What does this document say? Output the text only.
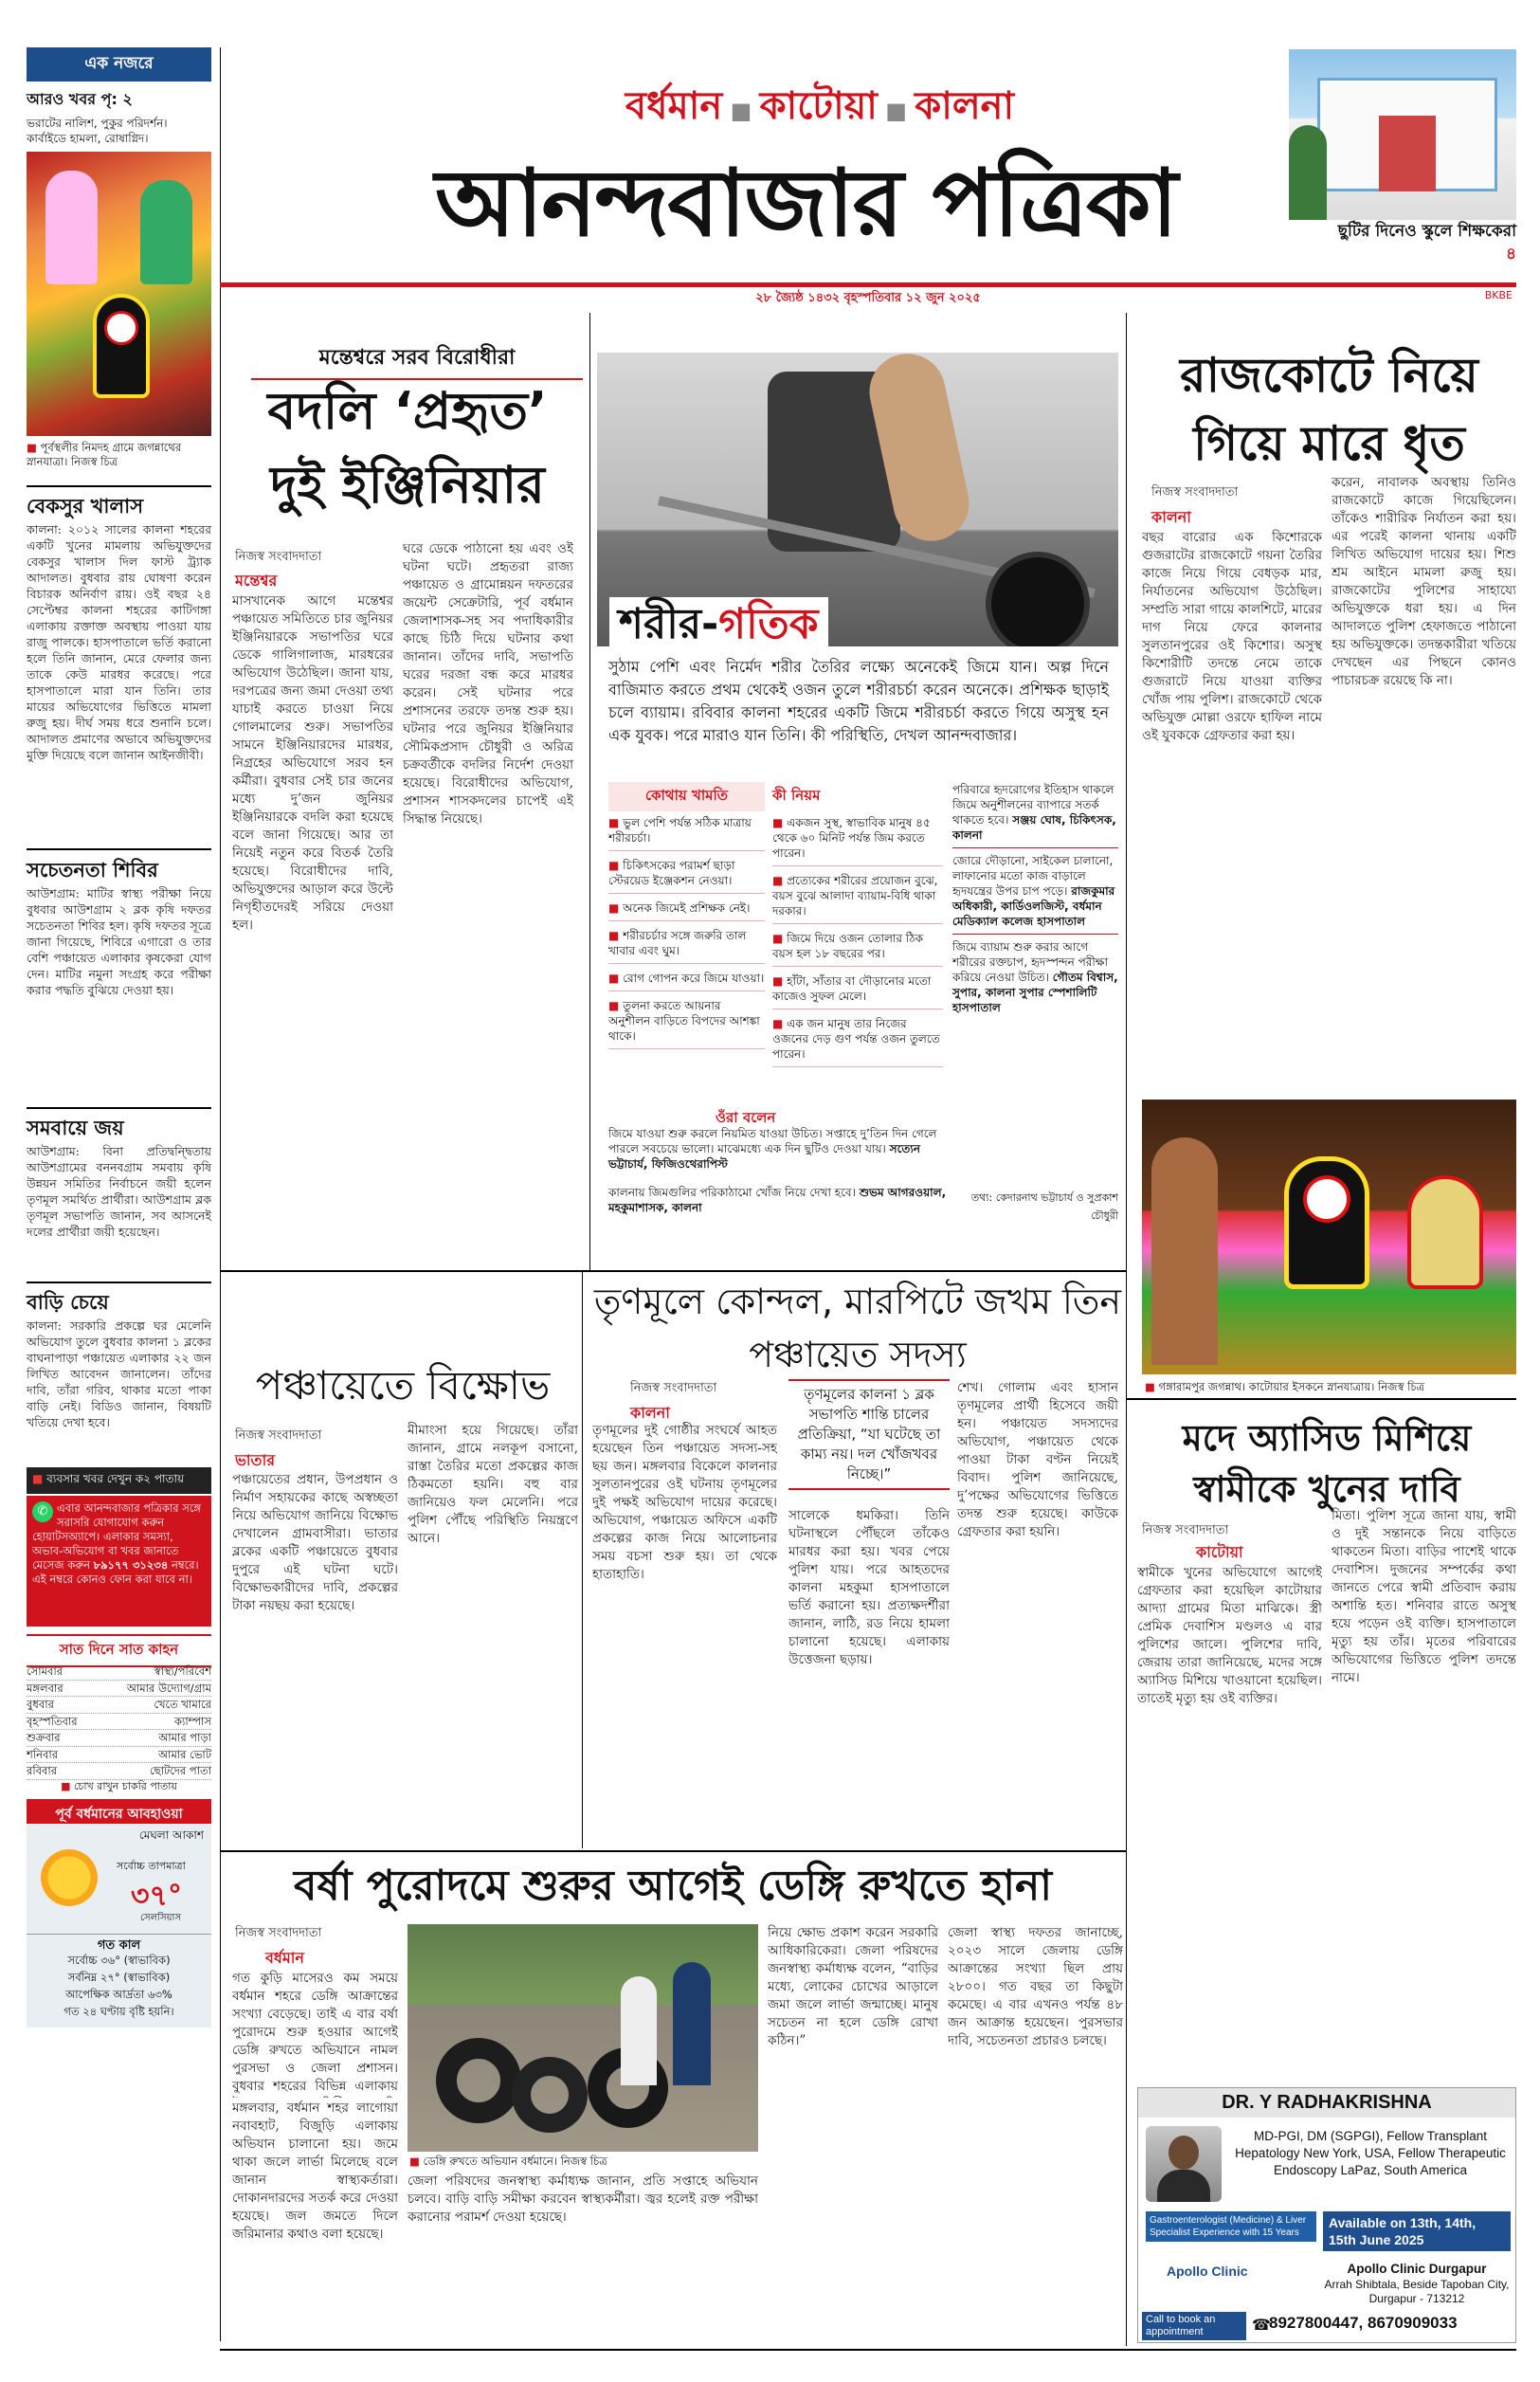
এক নজরে
আরও খবর পৃ: ২
ভরাটের নালিশ, পুকুর পরিদর্শন।
কার্বাইডে হামলা, রোষাগ্নিদ।
■ পূর্বস্থলীর নিমদহ গ্রামে জগন্নাথের স্নানযাত্রা। নিজস্ব চিত্র
বেকসুর খালাস
কালনা: ২০১২ সালের কালনা শহরের একটি খুনের মামলায় অভিযুক্তদের বেকসুর খালাস দিল ফাস্ট ট্র্যাক আদালত। বুধবার রায় ঘোষণা করেন বিচারক অনির্বাণ রায়। ওই বছর ২৪ সেপ্টেম্বর কালনা শহরের কাটিগঙ্গা এলাকায় রক্তাক্ত অবস্থায় পাওয়া যায় রাজু পালকে। হাসপাতালে ভর্তি করানো হলে তিনি জানান, মেরে ফেলার জন্য তাকে কেউ মারধর করেছে। পরে হাসপাতালে মারা যান তিনি। তার মায়ের অভিযোগের ভিত্তিতে মামলা রুজু হয়। দীর্ঘ সময় ধরে শুনানি চলে। আদালত প্রমাণের অভাবে অভিযুক্তদের মুক্তি দিয়েছে বলে জানান আইনজীবী।
সচেতনতা শিবির
আউশগ্রাম: মাটির স্বাস্থ্য পরীক্ষা নিয়ে বুধবার আউশগ্রাম ২ ব্লক কৃষি দফতর সচেতনতা শিবির হল। কৃষি দফতর সূত্রে জানা গিয়েছে, শিবিরে এগারো ও তার বেশি পঞ্চায়েত এলাকার কৃষকেরা যোগ দেন। মাটির নমুনা সংগ্রহ করে পরীক্ষা করার পদ্ধতি বুঝিয়ে দেওয়া হয়।
সমবায়ে জয়
আউশগ্রাম: বিনা প্রতিদ্বন্দ্বিতায় আউশগ্রামের বননবগ্রাম সমবায় কৃষি উন্নয়ন সমিতির নির্বাচনে জয়ী হলেন তৃণমূল সমর্থিত প্রার্থীরা। আউশগ্রাম ব্লক তৃণমূল সভাপতি জানান, সব আসনেই দলের প্রার্থীরা জয়ী হয়েছেন।
বাড়ি চেয়ে
কালনা: সরকারি প্রকল্পে ঘর মেলেনি অভিযোগ তুলে বুধবার কালনা ১ ব্লকের বাঘনাপাড়া পঞ্চায়েত এলাকার ২২ জন লিখিত আবেদন জানালেন। তাঁদের দাবি, তাঁরা গরিব, থাকার মতো পাকা বাড়ি নেই। বিডিও জানান, বিষয়টি খতিয়ে দেখা হবে।
■ ব্যবসার খবর দেখুন ক২ পাতায়
✆ এবার আনন্দবাজার পত্রিকার সঙ্গে সরাসরি যোগাযোগ করুন হোয়াটসঅ্যাপে। এলাকার সমস্যা, অভাব-অভিযোগ বা খবর জানাতে মেসেজ করুন ৮৯১৭৭ ৩১২৩৪ নম্বরে। এই নম্বরে কোনও ফোন করা যাবে না।
সাত দিনে সাত কাহন
সোমবার	স্বাস্থ্য/পরিবেশ
মঙ্গলবার	আমার উদ্যোগ/গ্রাম
বুধবার	খেতে খামারে
বৃহস্পতিবার	ক্যাম্পাস
শুক্রবার	আমার পাড়া
শনিবার	আমার ভোট
রবিবার	ছোটদের পাতা
■ চোখ রাখুন চাকরি পাতায়
পূর্ব বর্ধমানের আবহাওয়া
মেঘলা আকাশ
সর্বোচ্চ তাপমাত্রা
৩৭°
সেলসিয়াস
গত কাল
সর্বোচ্চ ৩৬° (স্বাভাবিক)
সর্বনিম্ন ২৭° (স্বাভাবিক)
আপেক্ষিক আর্দ্রতা ৬৩%
গত ২৪ ঘণ্টায় বৃষ্টি হয়নি।
বর্ধমান ■ কাটোয়া ■ কালনা
আনন্দবাজার পত্রিকা	ছুটির দিনেও স্কুলে শিক্ষকেরা ৪
২৮ জ্যৈষ্ঠ ১৪৩২ বৃহস্পতিবার ১২ জুন ২০২৫	BKBE
মন্তেশ্বরে সরব বিরোধীরা
বদলি ‘প্রহৃত’ দুই ইঞ্জিনিয়ার
নিজস্ব সংবাদদাতা
মন্তেশ্বর
মাসখানেক আগে মন্তেশ্বর পঞ্চায়েত সমিতিতে চার জুনিয়র ইঞ্জিনিয়ারকে সভাপতির ঘরে ডেকে গালিগালাজ, মারধরের অভিযোগ উঠেছিল। জানা যায়, দরপত্রের জন্য জমা দেওয়া তথ্য যাচাই করতে চাওয়া নিয়ে গোলমালের শুরু। সভাপতির সামনে ইঞ্জিনিয়ারদের মারধর, নিগ্রহের অভিযোগে সরব হন কর্মীরা। বুধবার সেই চার জনের মধ্যে দু’জন জুনিয়র ইঞ্জিনিয়ারকে বদলি করা হয়েছে বলে জানা গিয়েছে। আর তা নিয়েই নতুন করে বিতর্ক তৈরি হয়েছে। বিরোধীদের দাবি, অভিযুক্তদের আড়াল করে উল্টে নিগৃহীতদেরই সরিয়ে দেওয়া হল।
ঘরে ডেকে পাঠানো হয় এবং ওই ঘটনা ঘটে। প্রহৃতরা রাজ্য পঞ্চায়েত ও গ্রামোন্নয়ন দফতরের জয়েন্ট সেক্রেটারি, পূর্ব বর্ধমান জেলাশাসক-সহ সব পদাধিকারীর কাছে চিঠি দিয়ে ঘটনার কথা জানান। তাঁদের দাবি, সভাপতি ঘরের দরজা বন্ধ করে মারধর করেন। সেই ঘটনার পরে প্রশাসনের তরফে তদন্ত শুরু হয়। ঘটনার পরে জুনিয়র ইঞ্জিনিয়ার সৌমিকপ্রসাদ চৌধুরী ও অরিত্র চক্রবর্তীকে বদলির নির্দেশ দেওয়া হয়েছে। বিরোধীদের অভিযোগ, প্রশাসন শাসকদলের চাপেই এই সিদ্ধান্ত নিয়েছে।
শরীর-গতিক
সুঠাম পেশি এবং নির্মেদ শরীর তৈরির লক্ষ্যে অনেকেই জিমে যান। অল্প দিনে বাজিমাত করতে প্রথম থেকেই ওজন তুলে শরীরচর্চা করেন অনেকে। প্রশিক্ষক ছাড়াই চলে ব্যায়াম। রবিবার কালনা শহরের একটি জিমে শরীরচর্চা করতে গিয়ে অসুস্থ হন এক যুবক। পরে মারাও যান তিনি। কী পরিস্থিতি, দেখল আনন্দবাজার।
কোথায় খামতি
■ ভুল পেশি পর্যন্ত সঠিক মাত্রায় শরীরচর্চা।
■ চিকিৎসকের পরামর্শ ছাড়া স্টেরয়েড ইঞ্জেকশন নেওয়া।
■ অনেক জিমেই প্রশিক্ষক নেই।
■ শরীরচর্চার সঙ্গে জরুরি তাল খাবার এবং ঘুম।
■ রোগ গোপন করে জিমে যাওয়া।
■ তুলনা করতে আয়নার অনুশীলন বাড়িতে বিপদের আশঙ্কা থাকে।
কী নিয়ম
■ একজন সুস্থ, স্বাভাবিক মানুষ ৪৫ থেকে ৬০ মিনিট পর্যন্ত জিম করতে পারেন।
■ প্রত্যেকের শরীরের প্রয়োজন বুঝে, বয়স বুঝে আলাদা ব্যায়াম-বিধি থাকা দরকার।
■ জিমে দিয়ে ওজন তোলার ঠিক বয়স হল ১৮ বছরের পর।
■ হাঁটা, সাঁতার বা দৌড়ানোর মতো কাজেও সুফল মেলে।
■ এক জন মানুষ তার নিজের ওজনের দেড় গুণ পর্যন্ত ওজন তুলতে পারেন।
পরিবারে হৃদরোগের ইতিহাস থাকলে জিমে অনুশীলনের ব্যাপারে সতর্ক থাকতে হবে। সঞ্জয় ঘোষ, চিকিৎসক, কালনা
জোরে দৌড়ানো, সাইকেল চালানো, লাফানোর মতো কাজ বাড়ালে হৃদযন্ত্রের উপর চাপ পড়ে। রাজকুমার অধিকারী, কার্ডিওলজিস্ট, বর্ধমান মেডিক্যাল কলেজ হাসপাতাল
জিমে ব্যায়াম শুরু করার আগে শরীরের রক্তচাপ, হৃদস্পন্দন পরীক্ষা করিয়ে নেওয়া উচিত। গৌতম বিশ্বাস, সুপার, কালনা সুপার স্পেশালিটি হাসপাতাল
ওঁরা বলেন
জিমে যাওয়া শুরু করলে নিয়মিত যাওয়া উচিত। সপ্তাহে দু’তিন দিন গেলে পারলে সবচেয়ে ভালো। মাঝেমধ্যে এক দিন ছুটিও দেওয়া যায়। সত্যেন ভট্টাচার্য, ফিজিওথেরাপিস্ট
কালনায় জিমগুলির পরিকাঠামো খোঁজ নিয়ে দেখা হবে। শুভম আগরওয়াল, মহকুমাশাসক, কালনা
তথ্য: কেদারনাথ ভট্টাচার্য ও সুপ্রকাশ চৌধুরী
রাজকোটে নিয়ে গিয়ে মারে ধৃত
নিজস্ব সংবাদদাতা
কালনা
বছর বারোর এক কিশোরকে গুজরাটের রাজকোটে গয়না তৈরির কাজে নিয়ে গিয়ে বেধড়ক মার, নির্যাতনের অভিযোগ উঠেছিল। সম্প্রতি সারা গায়ে কালশিটে, মারের দাগ নিয়ে ফেরে কালনার সুলতানপুরের ওই কিশোর। অসুস্থ কিশোরীটি তদন্তে নেমে তাকে গুজরাটে নিয়ে যাওয়া ব্যক্তির খোঁজ পায় পুলিশ। রাজকোটে থেকে অভিযুক্ত মোল্লা ওরফে হাফিল নামে ওই যুবককে গ্রেফতার করা হয়।
করেন, নাবালক অবস্থায় তিনিও রাজকোটে কাজে গিয়েছিলেন। তাঁকেও শারীরিক নির্যাতন করা হয়। এর পরেই কালনা থানায় একটি লিখিত অভিযোগ দায়ের হয়। শিশু শ্রম আইনে মামলা রুজু হয়। রাজকোটের পুলিশের সাহায্যে অভিযুক্তকে ধরা হয়। এ দিন আদালতে পুলিশ হেফাজতে পাঠানো হয় অভিযুক্তকে। তদন্তকারীরা খতিয়ে দেখছেন এর পিছনে কোনও পাচারচক্র রয়েছে কি না।
■ গঙ্গারামপুর জগন্নাথ। কাটোয়ার ইসকনে স্নানযাত্রায়। নিজস্ব চিত্র
তৃণমূলে কোন্দল, মারপিটে জখম তিন পঞ্চায়েত সদস্য
নিজস্ব সংবাদদাতা
কালনা
তৃণমূলের কালনা ১ ব্লক সভাপতি শান্তি চালের প্রতিক্রিয়া, “যা ঘটেছে তা কাম্য নয়। দল খোঁজখবর নিচ্ছে।”
তৃণমূলের দুই গোষ্ঠীর সংঘর্ষে আহত হয়েছেন তিন পঞ্চায়েত সদস্য-সহ ছয় জন। মঙ্গলবার বিকেলে কালনার সুলতানপুরের ওই ঘটনায় তৃণমূলের দুই পক্ষই অভিযোগ দায়ের করেছে। অভিযোগ, পঞ্চায়েত অফিসে একটি প্রকল্পের কাজ নিয়ে আলোচনার সময় বচসা শুরু হয়। তা থেকে হাতাহাতি।
সালেকে ধমকিরা। তিনি ঘটনাস্থলে পৌঁছলে তাঁকেও মারধর করা হয়। খবর পেয়ে পুলিশ যায়। পরে আহতদের কালনা মহকুমা হাসপাতালে ভর্তি করানো হয়। প্রত্যক্ষদর্শীরা জানান, লাঠি, রড নিয়ে হামলা চালানো হয়েছে। এলাকায় উত্তেজনা ছড়ায়।
শেখ। গোলাম এবং হাসান তৃণমূলের প্রার্থী হিসেবে জয়ী হন। পঞ্চায়েত সদস্যদের অভিযোগ, পঞ্চায়েত থেকে পাওয়া টাকা বণ্টন নিয়েই বিবাদ। পুলিশ জানিয়েছে, দু’পক্ষের অভিযোগের ভিত্তিতে তদন্ত শুরু হয়েছে। কাউকে গ্রেফতার করা হয়নি।
পঞ্চায়েতে বিক্ষোভ
নিজস্ব সংবাদদাতা
ভাতার
পঞ্চায়েতের প্রধান, উপপ্রধান ও নির্মাণ সহায়কের কাছে অস্বচ্ছতা নিয়ে অভিযোগ জানিয়ে বিক্ষোভ দেখালেন গ্রামবাসীরা। ভাতার ব্লকের একটি পঞ্চায়েতে বুধবার দুপুরে এই ঘটনা ঘটে। বিক্ষোভকারীদের দাবি, প্রকল্পের টাকা নয়ছয় করা হয়েছে।
মীমাংসা হয়ে গিয়েছে। তাঁরা জানান, গ্রামে নলকূপ বসানো, রাস্তা তৈরির মতো প্রকল্পের কাজ ঠিকমতো হয়নি। বহু বার জানিয়েও ফল মেলেনি। পরে পুলিশ পৌঁছে পরিস্থিতি নিয়ন্ত্রণে আনে।
মদে অ্যাসিড মিশিয়ে স্বামীকে খুনের দাবি
নিজস্ব সংবাদদাতা
কাটোয়া
স্বামীকে খুনের অভিযোগে আগেই গ্রেফতার করা হয়েছিল কাটোয়ার আদ্যা গ্রামের মিতা মাঝিকে। স্ত্রী প্রেমিক দেবাশিস মণ্ডলও এ বার পুলিশের জালে। পুলিশের দাবি, জেরায় তারা জানিয়েছে, মদের সঙ্গে অ্যাসিড মিশিয়ে খাওয়ানো হয়েছিল। তাতেই মৃত্যু হয় ওই ব্যক্তির।
মিতা। পুলিশ সূত্রে জানা যায়, স্বামী ও দুই সন্তানকে নিয়ে বাড়িতে থাকতেন মিতা। বাড়ির পাশেই থাকে দেবাশিস। দুজনের সম্পর্কের কথা জানতে পেরে স্বামী প্রতিবাদ করায় অশান্তি হত। শনিবার রাতে অসুস্থ হয়ে পড়েন ওই ব্যক্তি। হাসপাতালে মৃত্যু হয় তাঁর। মৃতের পরিবারের অভিযোগের ভিত্তিতে পুলিশ তদন্তে নামে।
বর্ষা পুরোদমে শুরুর আগেই ডেঙ্গি রুখতে হানা
নিজস্ব সংবাদদাতা
বর্ধমান
গত কুড়ি মাসেরও কম সময়ে বর্ধমান শহরে ডেঙ্গি আক্রান্তের সংখ্যা বেড়েছে। তাই এ বার বর্ষা পুরোদমে শুরু হওয়ার আগেই ডেঙ্গি রুখতে অভিযানে নামল পুরসভা ও জেলা প্রশাসন। বুধবার শহরের বিভিন্ন এলাকায়
■ ডেঙ্গি রুখতে অভিযান বর্ধমানে। নিজস্ব চিত্র
মঙ্গলবার, বর্ধমান শহর লাগোয়া নবাবহাট, বিজুড়ি এলাকায় অভিযান চালানো হয়। জমে থাকা জলে লার্ভা মিলেছে বলে জানান স্বাস্থ্যকর্তারা। দোকানদারদের সতর্ক করে দেওয়া হয়েছে। জল জমতে দিলে জরিমানার কথাও বলা হয়েছে।
জেলা পরিষদের জনস্বাস্থ্য কর্মাধ্যক্ষ জানান, প্রতি সপ্তাহে অভিযান চলবে। বাড়ি বাড়ি সমীক্ষা করবেন স্বাস্থ্যকর্মীরা। জ্বর হলেই রক্ত পরীক্ষা করানোর পরামর্শ দেওয়া হয়েছে।
নিয়ে ক্ষোভ প্রকাশ করেন সরকারি আধিকারিকেরা। জেলা পরিষদের জনস্বাস্থ্য কর্মাধ্যক্ষ বলেন, “বাড়ির মধ্যে, লোকের চোখের আড়ালে জমা জলে লার্ভা জন্মাচ্ছে। মানুষ সচেতন না হলে ডেঙ্গি রোখা কঠিন।”
জেলা স্বাস্থ্য দফতর জানাচ্ছে, ২০২৩ সালে জেলায় ডেঙ্গি আক্রান্তের সংখ্যা ছিল প্রায় ২৮০০। গত বছর তা কিছুটা কমেছে। এ বার এখনও পর্যন্ত ৪৮ জন আক্রান্ত হয়েছেন। পুরসভার দাবি, সচেতনতা প্রচারও চলছে।
DR. Y RADHAKRISHNA
MD-PGI, DM (SGPGI), Fellow Transplant Hepatology New York, USA, Fellow Therapeutic Endoscopy LaPaz, South America
Gastroenterologist (Medicine) & Liver Specialist Experience with 15 Years
Available on 13th, 14th, 15th June 2025
Apollo Clinic	Apollo Clinic Durgapur
Arrah Shibtala, Beside Tapoban City, Durgapur - 713212
Call to book an appointment	☎
8927800447, 8670909033
